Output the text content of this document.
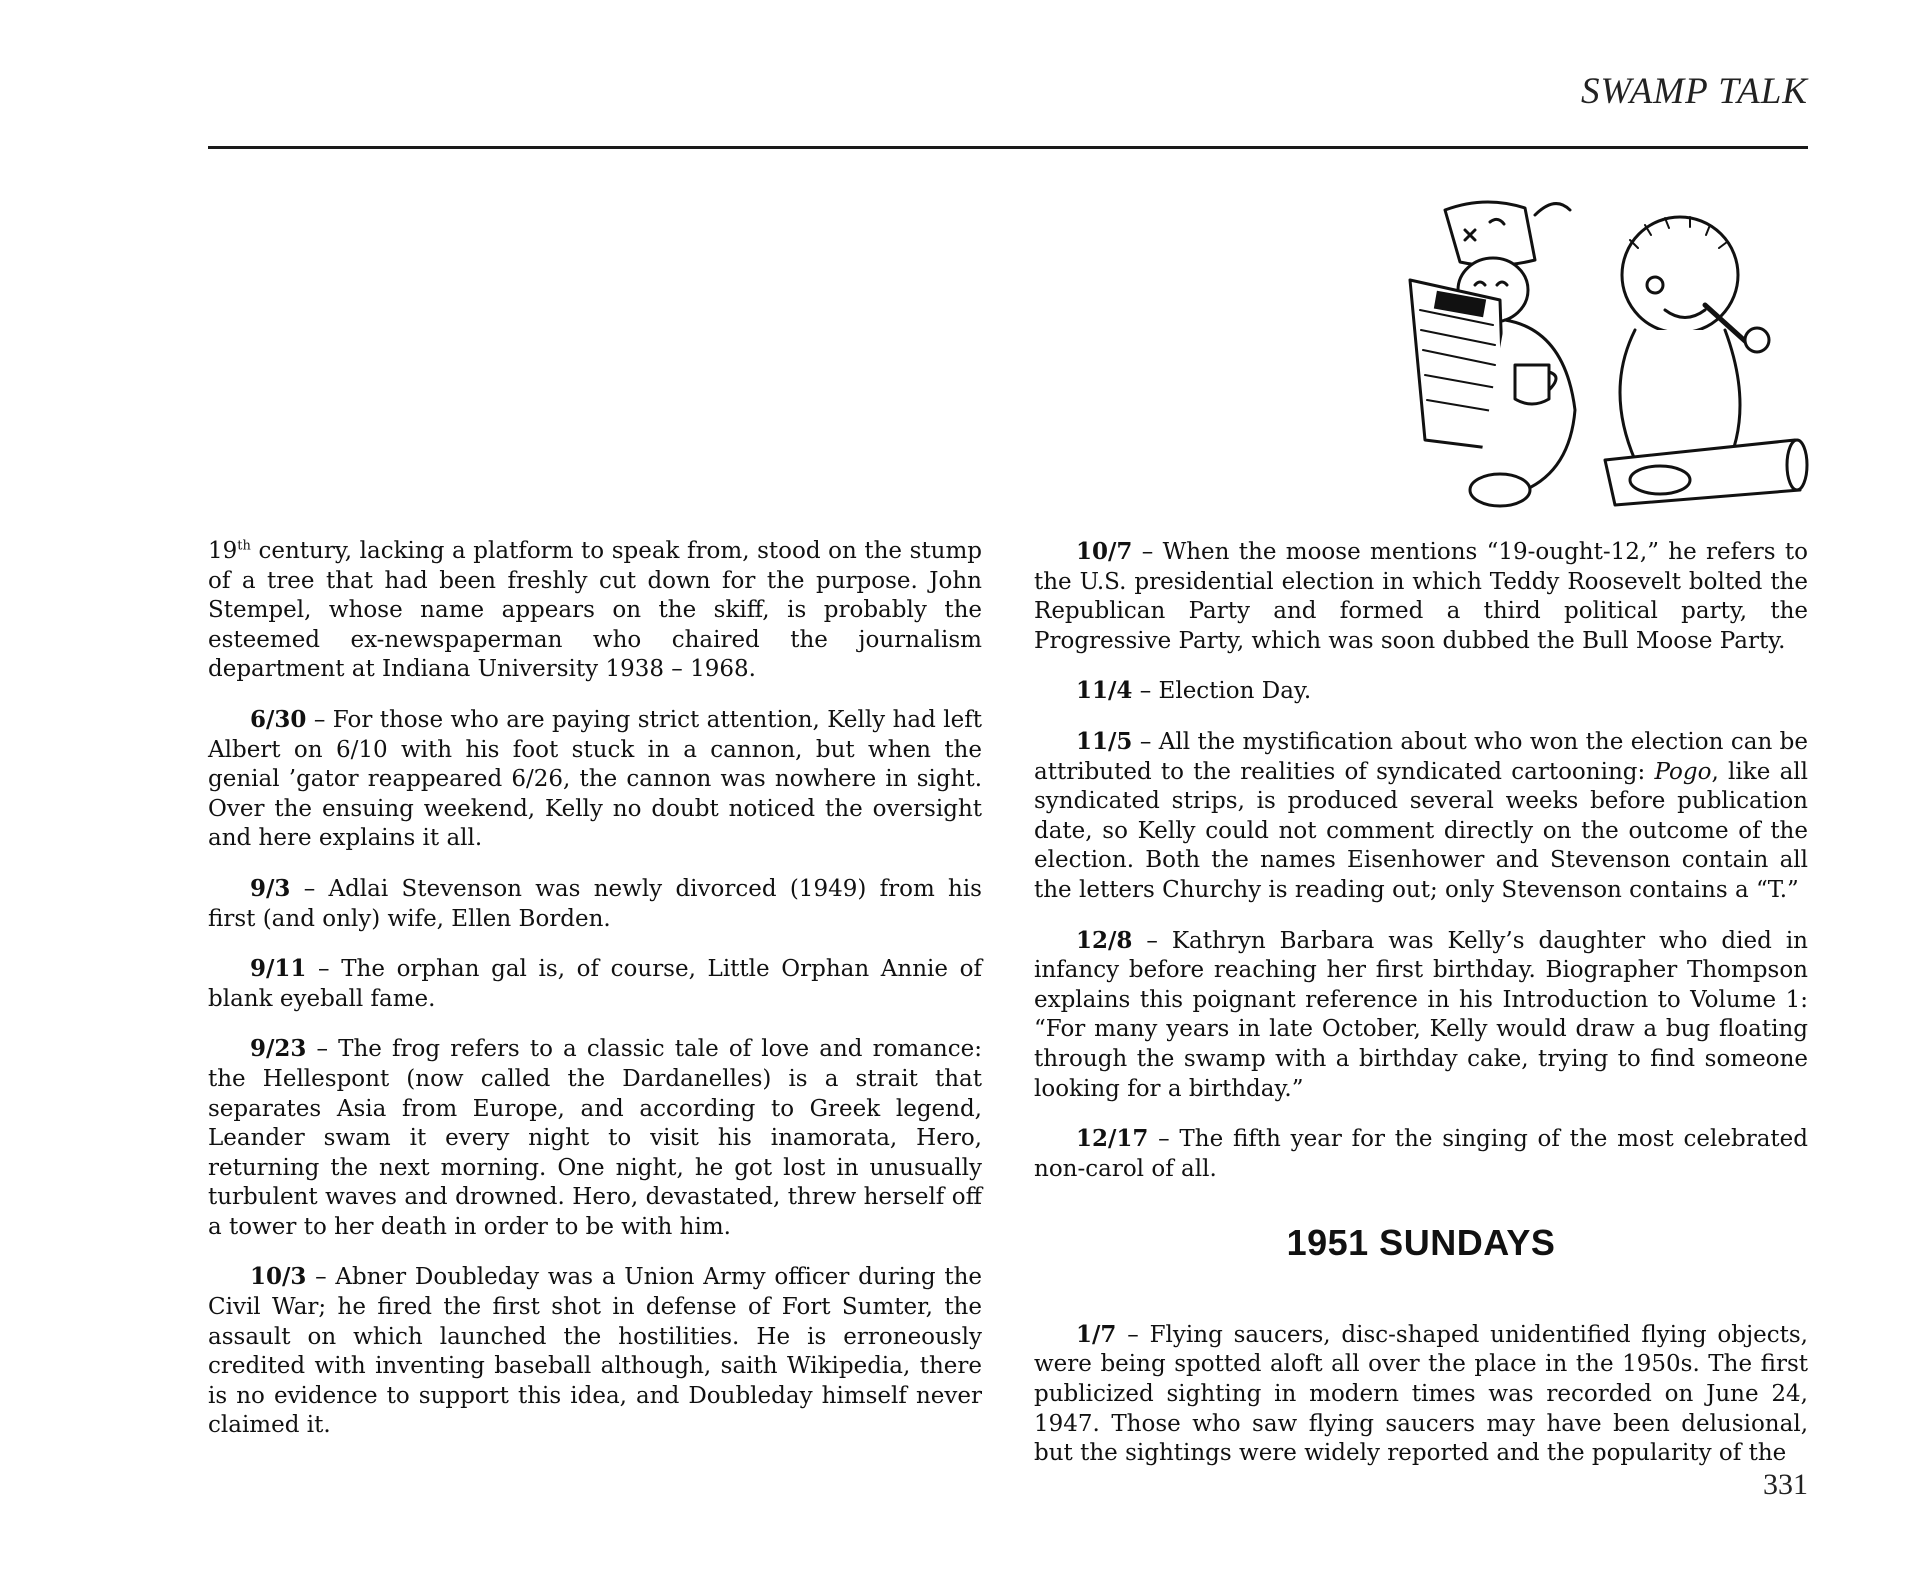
SWAMP TALK

19th century, lacking a platform to speak from, stood on the stump of a tree that had been freshly cut down for the purpose. John Stempel, whose name appears on the skiff, is probably the esteemed ex-newspaperman who chaired the journalism department at Indiana University 1938 – 1968.

6/30 – For those who are paying strict attention, Kelly had left Albert on 6/10 with his foot stuck in a cannon, but when the genial ’gator reappeared 6/26, the cannon was nowhere in sight. Over the ensuing weekend, Kelly no doubt noticed the oversight and here explains it all.

9/3 – Adlai Stevenson was newly divorced (1949) from his first (and only) wife, Ellen Borden.

9/11 – The orphan gal is, of course, Little Orphan Annie of blank eyeball fame.

9/23 – The frog refers to a classic tale of love and romance: the Hellespont (now called the Dardanelles) is a strait that separates Asia from Europe, and according to Greek legend, Leander swam it every night to visit his inamorata, Hero, returning the next morning. One night, he got lost in unusually turbulent waves and drowned. Hero, devastated, threw herself off a tower to her death in order to be with him.

10/3 – Abner Doubleday was a Union Army officer during the Civil War; he fired the first shot in defense of Fort Sumter, the assault on which launched the hostilities. He is erroneously credited with inventing baseball although, saith Wikipedia, there is no evidence to support this idea, and Doubleday himself never claimed it.

10/7 – When the moose mentions “19-ought-12,” he refers to the U.S. presidential election in which Teddy Roosevelt bolted the Republican Party and formed a third political party, the Progressive Party, which was soon dubbed the Bull Moose Party.

11/4 – Election Day.

11/5 – All the mystification about who won the election can be attributed to the realities of syndicated cartooning: Pogo, like all syndicated strips, is produced several weeks before publication date, so Kelly could not comment directly on the outcome of the election. Both the names Eisenhower and Stevenson contain all the letters Churchy is reading out; only Stevenson contains a “T.”

12/8 – Kathryn Barbara was Kelly’s daughter who died in infancy before reaching her first birthday. Biographer Thompson explains this poignant reference in his Introduction to Volume 1: “For many years in late October, Kelly would draw a bug floating through the swamp with a birthday cake, trying to find someone looking for a birthday.”

12/17 – The fifth year for the singing of the most celebrated non-carol of all.

1951 SUNDAYS

1/7 – Flying saucers, disc-shaped unidentified flying objects, were being spotted aloft all over the place in the 1950s. The first publicized sighting in modern times was recorded on June 24, 1947. Those who saw flying saucers may have been delusional, but the sightings were widely reported and the popularity of the

331
